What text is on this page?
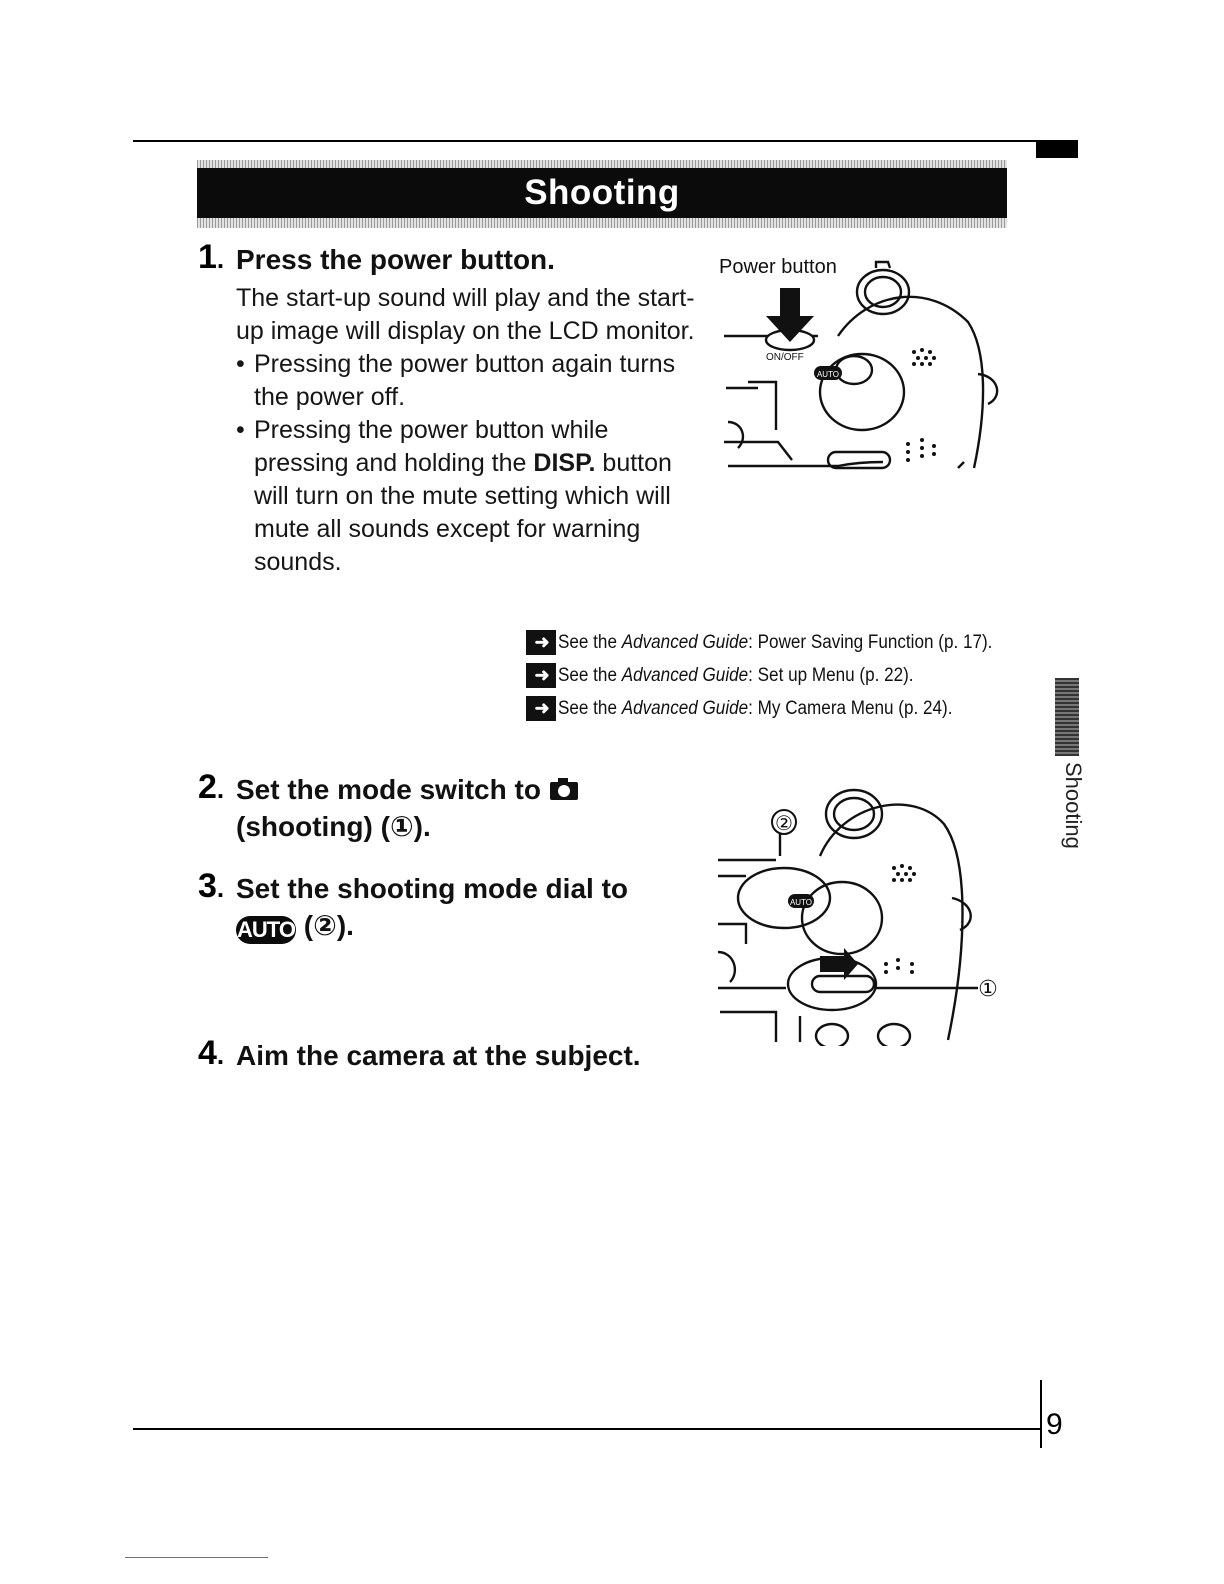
Shooting
1. Press the power button.

The start-up sound will play and the start-up image will display on the LCD monitor.

• Pressing the power button again turns the power off.

• Pressing the power button while pressing and holding the DISP. button will turn on the mute setting which will mute all sounds except for warning sounds.

Power button
ON/OFF
AUTO
➜ See the Advanced Guide: Power Saving Function (p. 17).
➜ See the Advanced Guide: Set up Menu (p. 22).
➜ See the Advanced Guide: My Camera Menu (p. 24).
Shooting
2. Set the mode switch to
(shooting) (①).
3. Set the shooting mode dial to
AUTO (②).
②
①
AUTO
4. Aim the camera at the subject.
9
